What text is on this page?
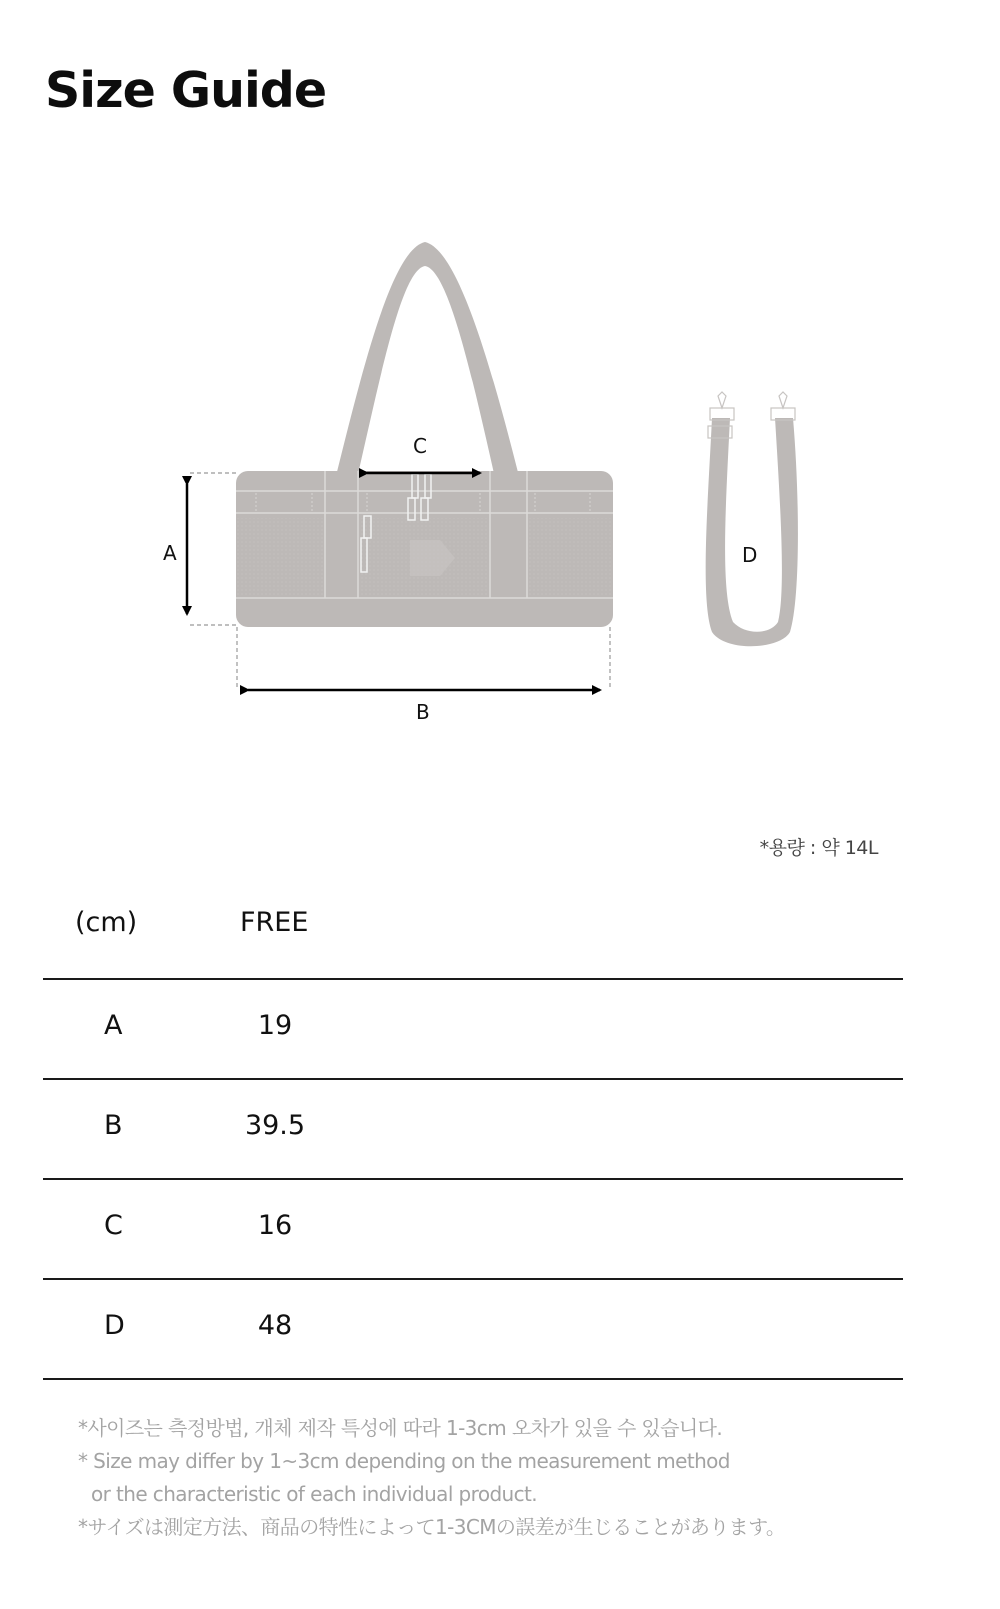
Size Guide
A
B
C
D
*용량 : 약 14L
(cm)	FREE
A	19
B	39.5
C	16
D	48
*사이즈는 측정방법, 개체 제작 특성에 따라 1-3cm 오차가 있을 수 있습니다.
* Size may differ by 1~3cm depending on the measurement method
or the characteristic of each individual product.
*サイズは測定方法、商品の特性によって1-3CMの誤差が生じることがあります。
